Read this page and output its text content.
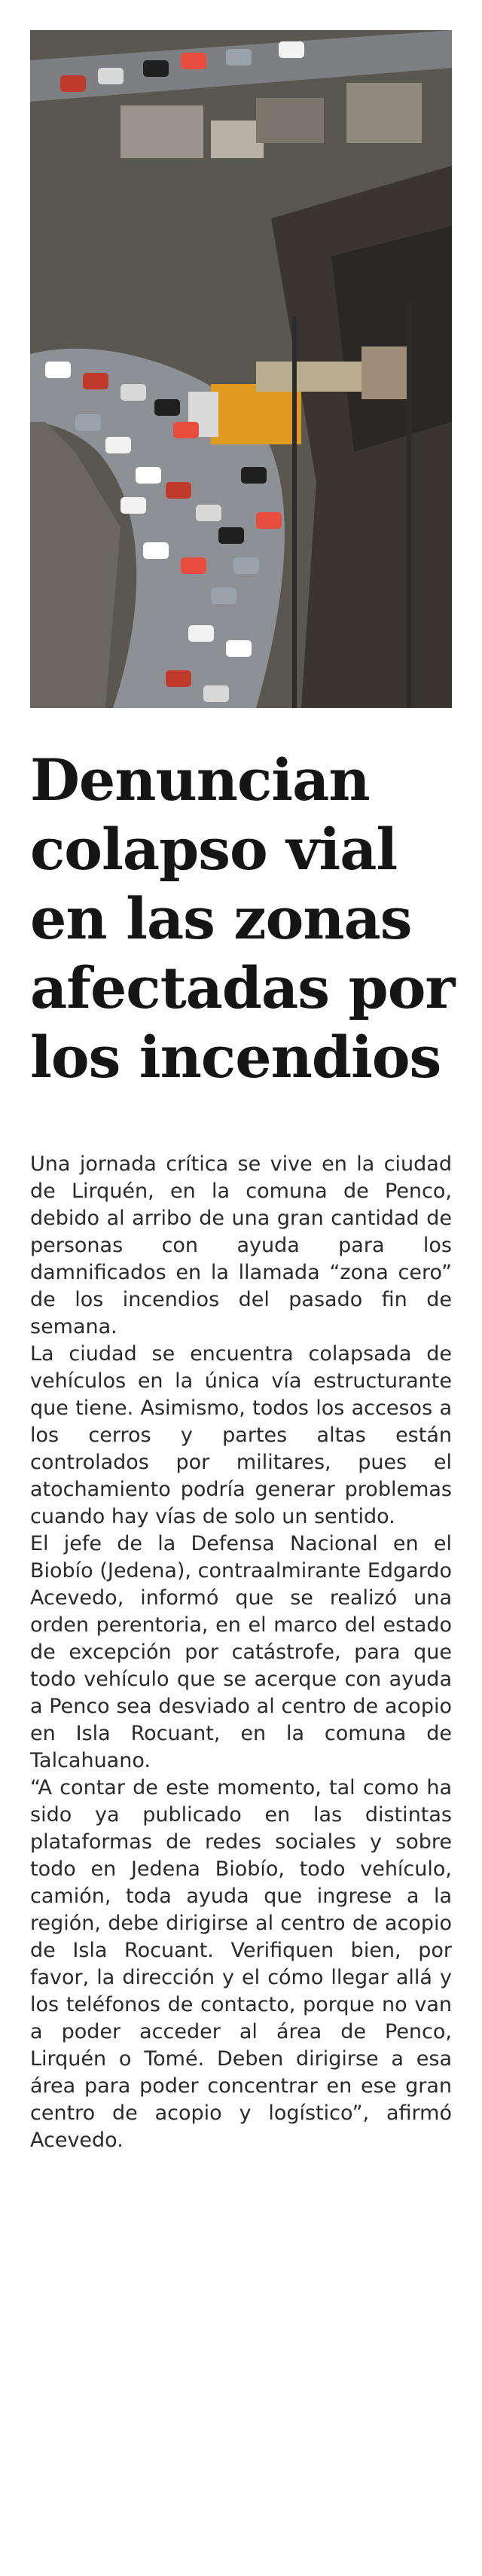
Denuncian colapso vial en las zonas afectadas por los incendios

Una jornada crítica se vive en la ciudad de Lirquén, en la comuna de Penco, debido al arribo de una gran cantidad de personas con ayuda para los damnificados en la llamada “zona cero” de los incendios del pasado fin de semana.

La ciudad se encuentra colapsada de vehículos en la única vía estructurante que tiene. Asimismo, todos los accesos a los cerros y partes altas están controlados por militares, pues el atochamiento podría generar problemas cuando hay vías de solo un sentido.

El jefe de la Defensa Nacional en el Biobío (Jedena), contraalmirante Edgardo Acevedo, informó que se realizó una orden perentoria, en el marco del estado de excepción por catástrofe, para que todo vehículo que se acerque con ayuda a Penco sea desviado al centro de acopio en Isla Rocuant, en la comuna de Talcahuano.

“A contar de este momento, tal como ha sido ya publicado en las distintas plataformas de redes sociales y sobre todo en Jedena Biobío, todo vehículo, camión, toda ayuda que ingrese a la región, debe dirigirse al centro de acopio de Isla Rocuant. Verifiquen bien, por favor, la dirección y el cómo llegar allá y los teléfonos de contacto, porque no van a poder acceder al área de Penco, Lirquén o Tomé. Deben dirigirse a esa área para poder concentrar en ese gran centro de acopio y logístico”, afirmó Acevedo.
